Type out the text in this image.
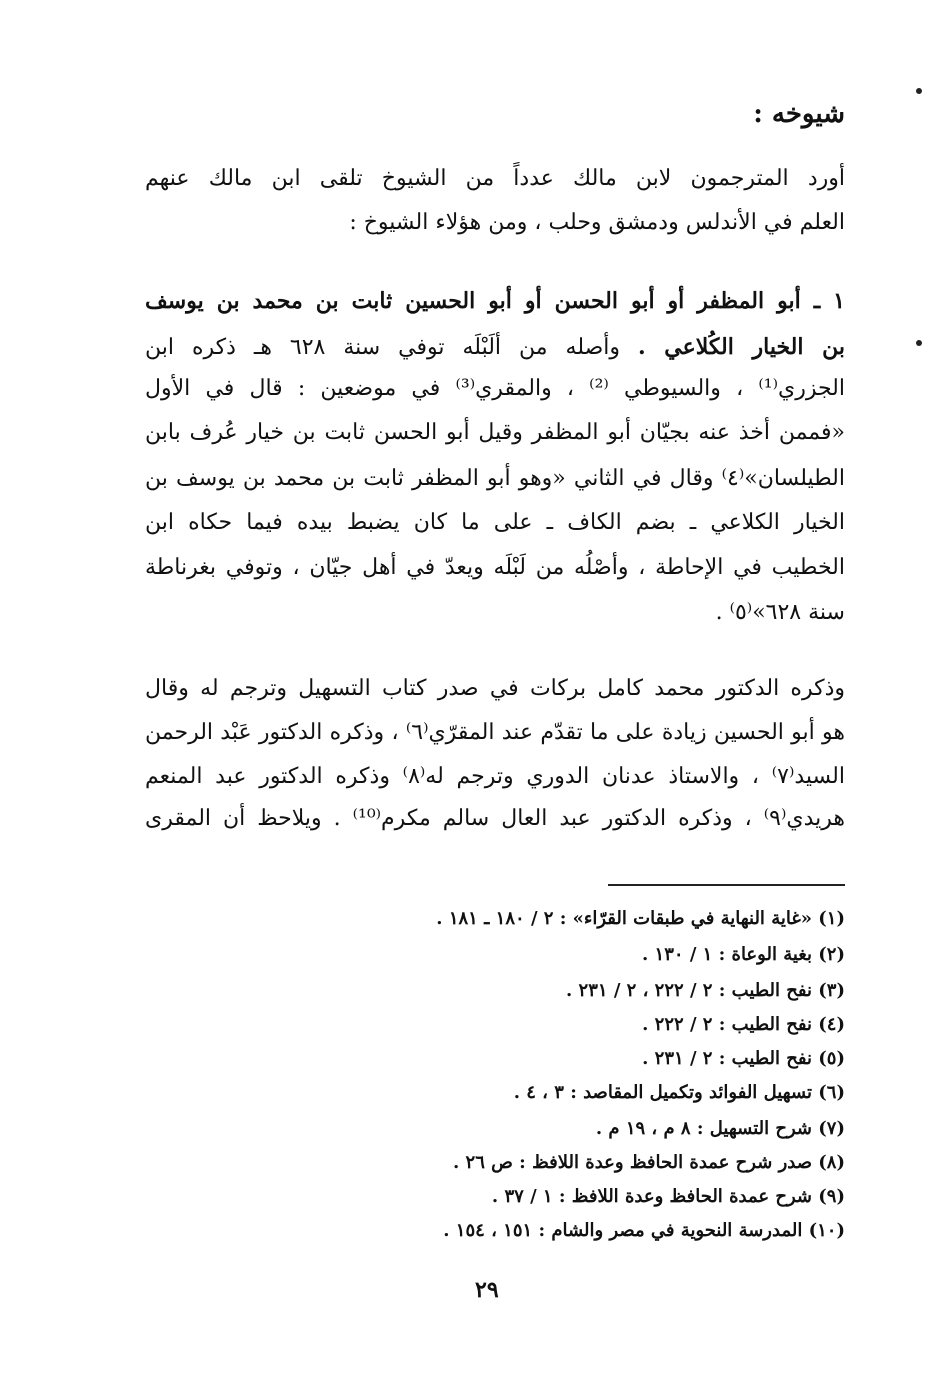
شيوخه :
أورد المترجمون لابن مالك عدداً من الشيوخ تلقى ابن مالك عنهم
العلم في الأندلس ودمشق وحلب ، ومن هؤلاء الشيوخ :
١ ـ أبو المظفر أو أبو الحسن أو أبو الحسين ثابت بن محمد بن يوسف
بن الخيار الكُلاعي . وأصله من ألَبْلَه توفي سنة ٦٢٨ هـ ذكره ابن
الجزري⁽¹⁾ ، والسيوطي ⁽²⁾ ، والمقري⁽³⁾ في موضعين : قال في الأول
«فممن أخذ عنه بجيّان أبو المظفر وقيل أبو الحسن ثابت بن خيار عُرف بابن
الطيلسان»⁽٤⁾ وقال في الثاني «وهو أبو المظفر ثابت بن محمد بن يوسف بن
الخيار الكلاعي ـ بضم الكاف ـ على ما كان يضبط بيده فيما حكاه ابن
الخطيب في الإحاطة ، وأصْلُه من لَبْلَه ويعدّ في أهل جيّان ، وتوفي بغرناطة
سنة ٦٢٨»⁽٥⁾ .
وذكره الدكتور محمد كامل بركات في صدر كتاب التسهيل وترجم له وقال
هو أبو الحسين زيادة على ما تقدّم عند المقرّي⁽٦⁾ ، وذكره الدكتور عَبْد الرحمن
السيد⁽٧⁾ ، والاستاذ عدنان الدوري وترجم له⁽٨⁾ وذكره الدكتور عبد المنعم
هريدي⁽٩⁾ ، وذكره الدكتور عبد العال سالم مكرم⁽¹⁰⁾ . ويلاحظ أن المقرى
(١) «غاية النهاية في طبقات القرّاء» : ٢ / ١٨٠ ـ ١٨١ .
(٢) بغية الوعاة : ١ / ١٣٠ .
(٣) نفح الطيب : ٢ / ٢٢٢ ، ٢ / ٢٣١ .
(٤) نفح الطيب : ٢ / ٢٢٢ .
(٥) نفح الطيب : ٢ / ٢٣١ .
(٦) تسهيل الفوائد وتكميل المقاصد : ٣ ، ٤ .
(٧) شرح التسهيل : ٨ م ، ١٩ م .
(٨) صدر شرح عمدة الحافظ وعدة اللافظ : ص ٢٦ .
(٩) شرح عمدة الحافظ وعدة اللافظ : ١ / ٣٧ .
(١٠) المدرسة النحوية في مصر والشام : ١٥١ ، ١٥٤ .
٢٩
